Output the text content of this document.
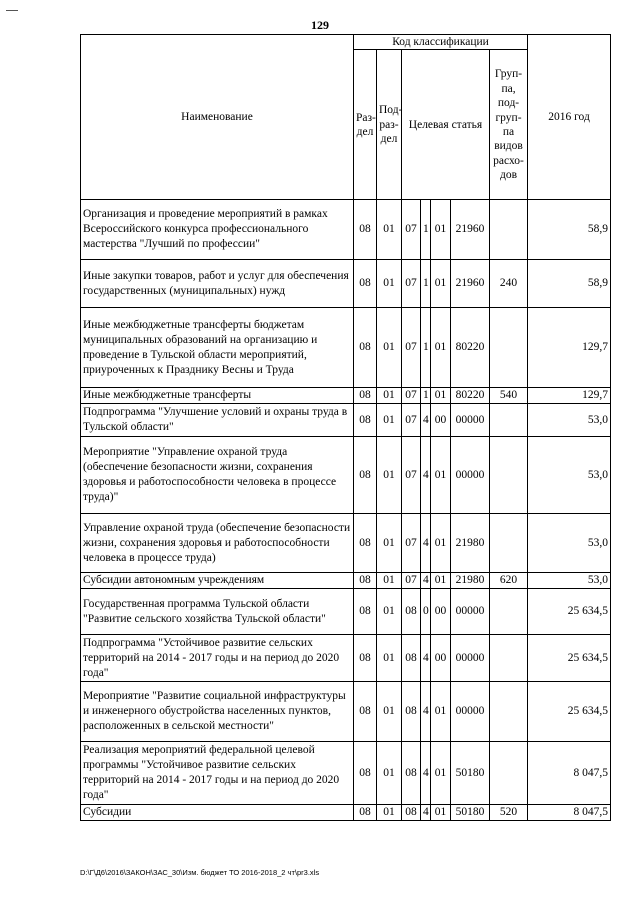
129
Наименование	Код классификации							2016 год
	Раз-дел	Под-раз-дел	Целевая статья				Груп-па, под-груп-па видов расхо-дов	
Организация и проведение мероприятий в рамках Всероссийского конкурса профессионального мастерства "Лучший по профессии"	08	01	07	1	01	21960		58,9
Иные закупки товаров, работ и услуг для обеспечения государственных (муниципальных) нужд	08	01	07	1	01	21960	240	58,9
Иные межбюджетные трансферты бюджетам муниципальных образований на организацию и проведение в Тульской области мероприятий, приуроченных к Празднику Весны и Труда	08	01	07	1	01	80220		129,7
Иные межбюджетные трансферты	08	01	07	1	01	80220	540	129,7
Подпрограмма "Улучшение условий и охраны труда в Тульской области"	08	01	07	4	00	00000		53,0
Мероприятие "Управление охраной труда (обеспечение безопасности жизни, сохранения здоровья и работоспособности человека в процессе труда)"	08	01	07	4	01	00000		53,0
Управление охраной труда (обеспечение безопасности жизни, сохранения здоровья и работоспособности человека в процессе труда)	08	01	07	4	01	21980		53,0
Субсидии автономным учреждениям	08	01	07	4	01	21980	620	53,0
Государственная программа Тульской области "Развитие сельского хозяйства Тульской области"	08	01	08	0	00	00000		25 634,5
Подпрограмма "Устойчивое развитие сельских территорий на 2014 - 2017 годы и на период до 2020 года"	08	01	08	4	00	00000		25 634,5
Мероприятие "Развитие социальной инфраструктуры и инженерного обустройства населенных пунктов, расположенных в сельской местности"	08	01	08	4	01	00000		25 634,5
Реализация мероприятий федеральной целевой программы "Устойчивое развитие сельских территорий на 2014 - 2017 годы и на период до 2020 года"	08	01	08	4	01	50180		8 047,5
Субсидии	08	01	08	4	01	50180	520	8 047,5
D:\Г\Д6\2016\ЗАКОН\ЗАС_30\Изм. бюджет ТО 2016-2018_2 чт\pr3.xls
